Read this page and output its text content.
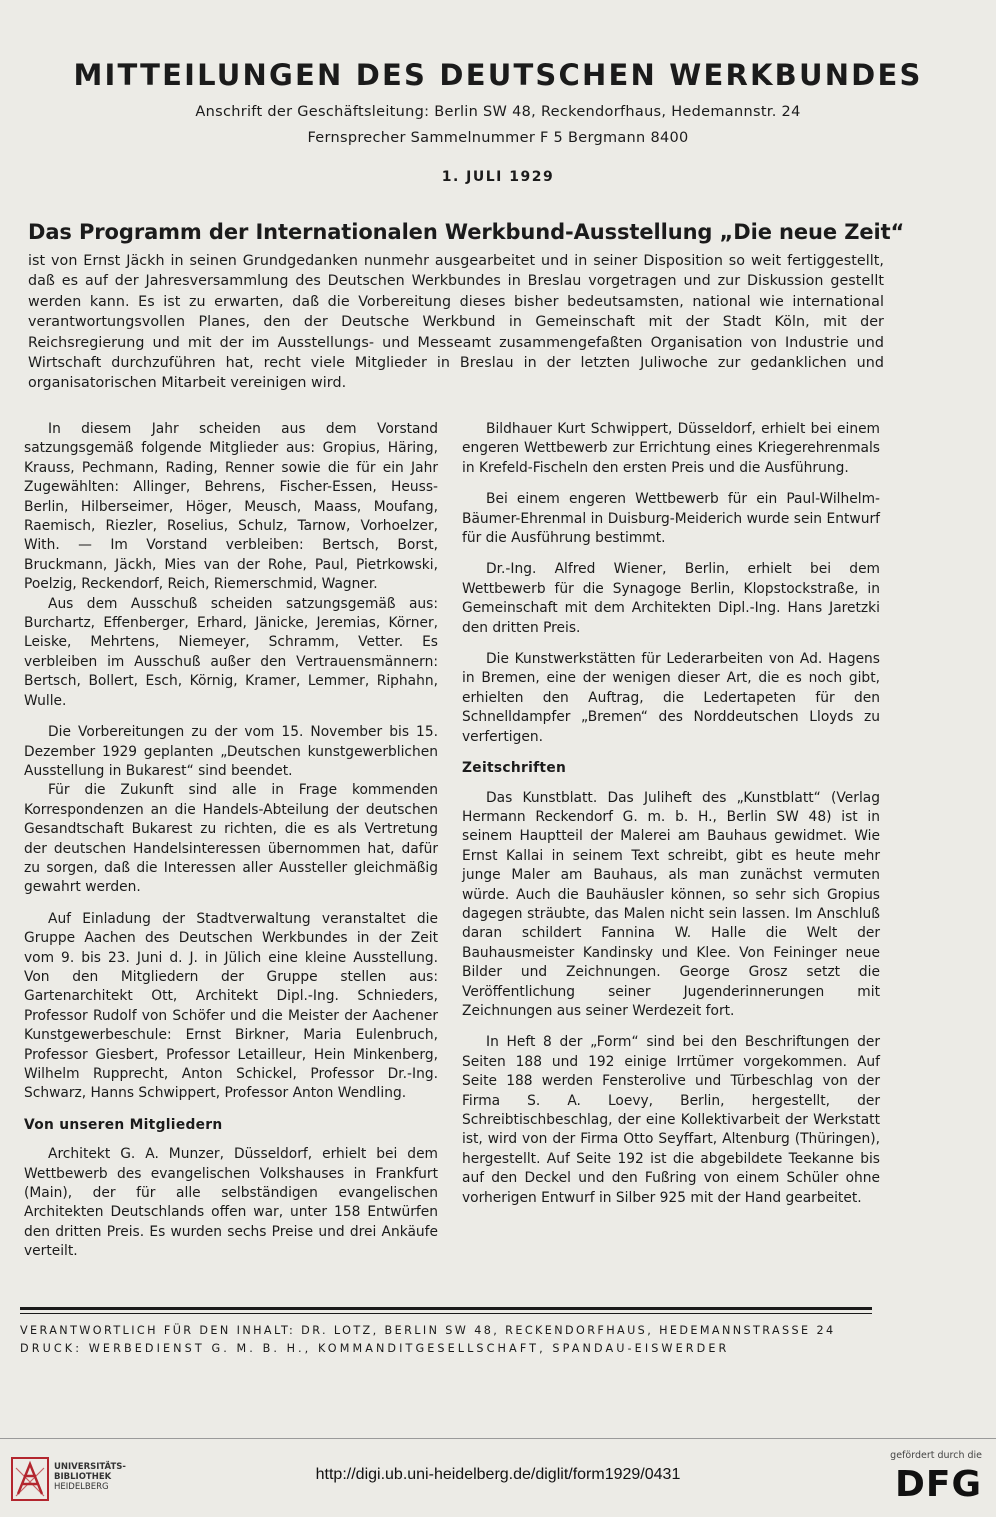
MITTEILUNGEN DES DEUTSCHEN WERKBUNDES
Anschrift der Geschäftsleitung: Berlin SW 48, Reckendorfhaus, Hedemannstr. 24
Fernsprecher Sammelnummer F 5 Bergmann 8400
1. JULI 1929
Das Programm der Internationalen Werkbund-Ausstellung „Die neue Zeit“
ist von Ernst Jäckh in seinen Grundgedanken nunmehr ausgearbeitet und in seiner Disposition so weit fertiggestellt, daß es auf der Jahresversammlung des Deutschen Werkbundes in Breslau vorgetragen und zur Diskussion gestellt werden kann. Es ist zu erwarten, daß die Vorbereitung dieses bisher bedeutsamsten, national wie international verantwortungsvollen Planes, den der Deutsche Werkbund in Gemeinschaft mit der Stadt Köln, mit der Reichsregierung und mit der im Ausstellungs- und Messeamt zusammengefaßten Organisation von Industrie und Wirtschaft durchzuführen hat, recht viele Mitglieder in Breslau in der letzten Juliwoche zur gedanklichen und organisatorischen Mitarbeit vereinigen wird.

In diesem Jahr scheiden aus dem Vorstand satzungsgemäß folgende Mitglieder aus: Gropius, Häring, Krauss, Pechmann, Rading, Renner sowie die für ein Jahr Zugewählten: Allinger, Behrens, Fischer-Essen, Heuss-Berlin, Hilberseimer, Höger, Meusch, Maass, Moufang, Raemisch, Riezler, Roselius, Schulz, Tarnow, Vorhoelzer, With. — Im Vorstand verbleiben: Bertsch, Borst, Bruckmann, Jäckh, Mies van der Rohe, Paul, Pietrkowski, Poelzig, Reckendorf, Reich, Riemerschmid, Wagner.

Aus dem Ausschuß scheiden satzungsgemäß aus: Burchartz, Effenberger, Erhard, Jänicke, Jeremias, Körner, Leiske, Mehrtens, Niemeyer, Schramm, Vetter. Es verbleiben im Ausschuß außer den Vertrauensmännern: Bertsch, Bollert, Esch, Körnig, Kramer, Lemmer, Riphahn, Wulle.

Die Vorbereitungen zu der vom 15. November bis 15. Dezember 1929 geplanten „Deutschen kunstgewerblichen Ausstellung in Bukarest“ sind beendet.

Für die Zukunft sind alle in Frage kommenden Korrespondenzen an die Handels-Abteilung der deutschen Gesandtschaft Bukarest zu richten, die es als Vertretung der deutschen Handelsinteressen übernommen hat, dafür zu sorgen, daß die Interessen aller Aussteller gleichmäßig gewahrt werden.

Auf Einladung der Stadtverwaltung veranstaltet die Gruppe Aachen des Deutschen Werkbundes in der Zeit vom 9. bis 23. Juni d. J. in Jülich eine kleine Ausstellung. Von den Mitgliedern der Gruppe stellen aus: Gartenarchitekt Ott, Architekt Dipl.-Ing. Schnieders, Professor Rudolf von Schöfer und die Meister der Aachener Kunstgewerbeschule: Ernst Birkner, Maria Eulenbruch, Professor Giesbert, Professor Letailleur, Hein Minkenberg, Wilhelm Rupprecht, Anton Schickel, Professor Dr.-Ing. Schwarz, Hanns Schwippert, Professor Anton Wendling.

Von unseren Mitgliedern

Architekt G. A. Munzer, Düsseldorf, erhielt bei dem Wettbewerb des evangelischen Volkshauses in Frankfurt (Main), der für alle selbständigen evangelischen Architekten Deutschlands offen war, unter 158 Entwürfen den dritten Preis. Es wurden sechs Preise und drei Ankäufe verteilt.

Bildhauer Kurt Schwippert, Düsseldorf, erhielt bei einem engeren Wettbewerb zur Errichtung eines Kriegerehrenmals in Krefeld-Fischeln den ersten Preis und die Ausführung.

Bei einem engeren Wettbewerb für ein Paul-Wilhelm-Bäumer-Ehrenmal in Duisburg-Meiderich wurde sein Entwurf für die Ausführung bestimmt.

Dr.-Ing. Alfred Wiener, Berlin, erhielt bei dem Wettbewerb für die Synagoge Berlin, Klopstockstraße, in Gemeinschaft mit dem Architekten Dipl.-Ing. Hans Jaretzki den dritten Preis.

Die Kunstwerkstätten für Lederarbeiten von Ad. Hagens in Bremen, eine der wenigen dieser Art, die es noch gibt, erhielten den Auftrag, die Ledertapeten für den Schnelldampfer „Bremen“ des Norddeutschen Lloyds zu verfertigen.

Zeitschriften

Das Kunstblatt. Das Juliheft des „Kunstblatt“ (Verlag Hermann Reckendorf G. m. b. H., Berlin SW 48) ist in seinem Hauptteil der Malerei am Bauhaus gewidmet. Wie Ernst Kallai in seinem Text schreibt, gibt es heute mehr junge Maler am Bauhaus, als man zunächst vermuten würde. Auch die Bauhäusler können, so sehr sich Gropius dagegen sträubte, das Malen nicht sein lassen. Im Anschluß daran schildert Fannina W. Halle die Welt der Bauhausmeister Kandinsky und Klee. Von Feininger neue Bilder und Zeichnungen. George Grosz setzt die Veröffentlichung seiner Jugenderinnerungen mit Zeichnungen aus seiner Werdezeit fort.

In Heft 8 der „Form“ sind bei den Beschriftungen der Seiten 188 und 192 einige Irrtümer vorgekommen. Auf Seite 188 werden Fensterolive und Türbeschlag von der Firma S. A. Loevy, Berlin, hergestellt, der Schreibtischbeschlag, der eine Kollektivarbeit der Werkstatt ist, wird von der Firma Otto Seyffart, Altenburg (Thüringen), hergestellt. Auf Seite 192 ist die abgebildete Teekanne bis auf den Deckel und den Fußring von einem Schüler ohne vorherigen Entwurf in Silber 925 mit der Hand gearbeitet.

VERANTWORTLICH FÜR DEN INHALT: DR. LOTZ, BERLIN SW 48, RECKENDORFHAUS, HEDEMANNSTRASSE 24
DRUCK: WERBEDIENST G. M. B. H., KOMMANDITGESELLSCHAFT, SPANDAU-EISWERDER
UNIVERSITÄTS-
BIBLIOTHEK
HEIDELBERG
http://digi.ub.uni-heidelberg.de/diglit/form1929/0431
gefördert durch die
DFG
